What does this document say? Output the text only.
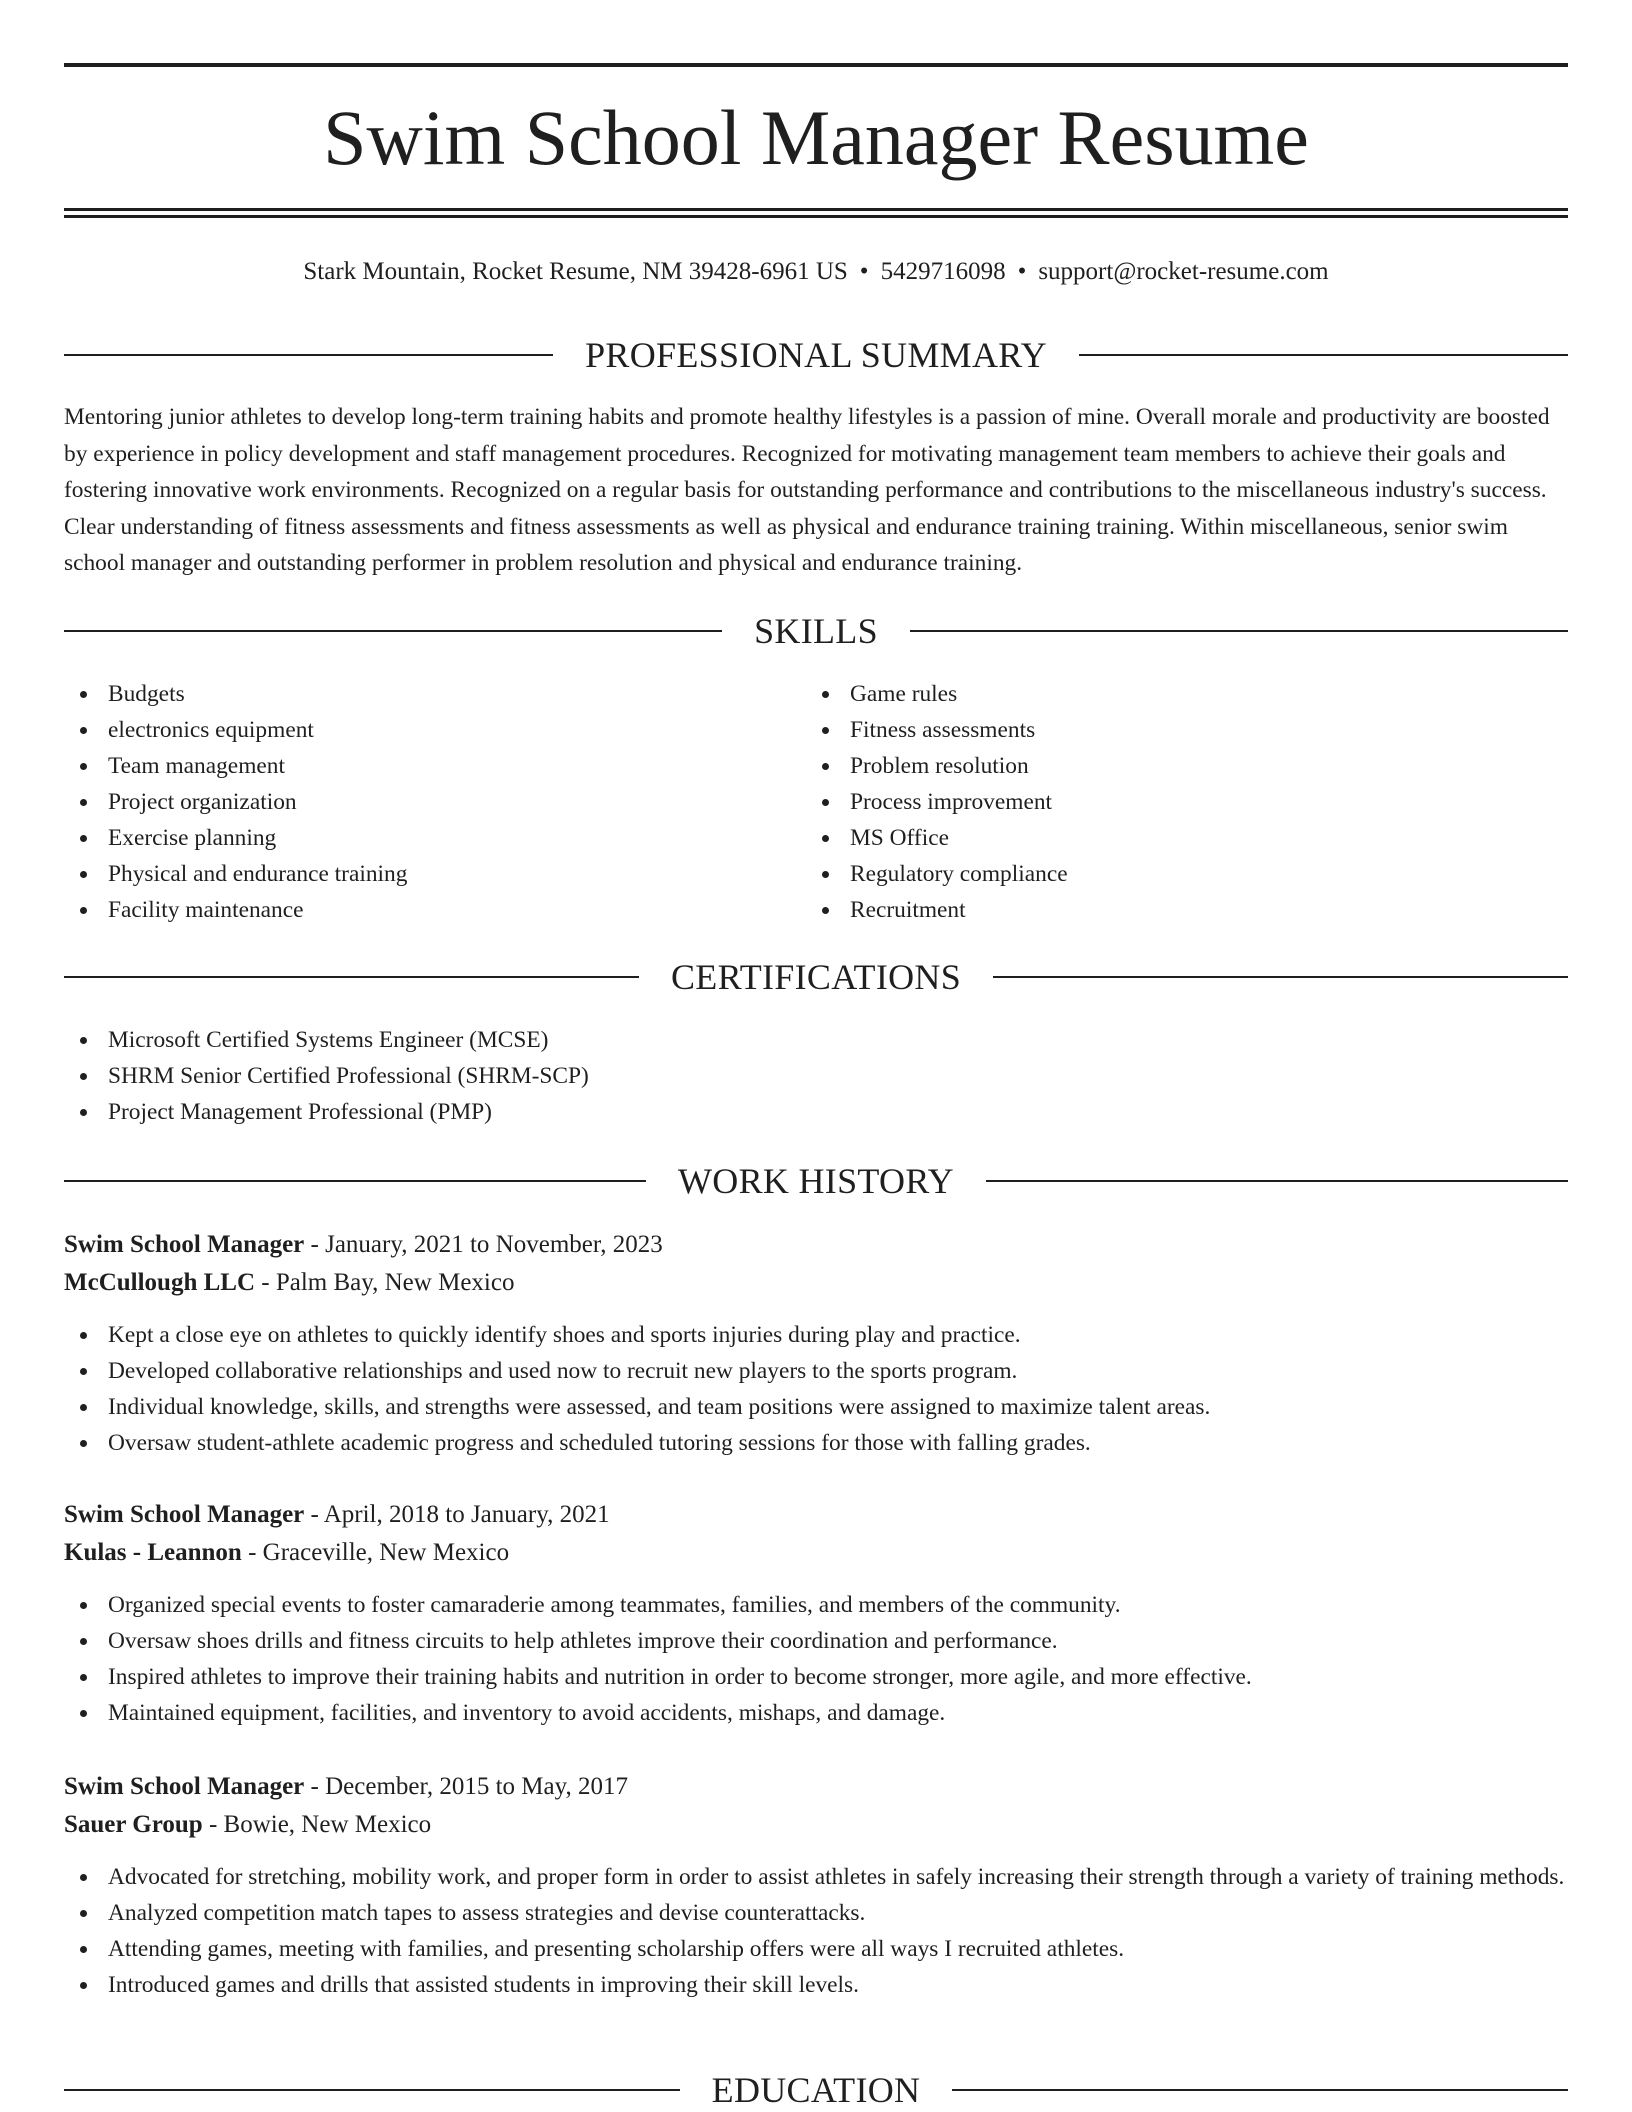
Swim School Manager Resume
Stark Mountain, Rocket Resume, NM 39428-6961 US • 5429716098 • support@rocket-resume.com
PROFESSIONAL SUMMARY

Mentoring junior athletes to develop long-term training habits and promote healthy lifestyles is a passion of mine. Overall morale and productivity are boosted by experience in policy development and staff management procedures. Recognized for motivating management team members to achieve their goals and fostering innovative work environments. Recognized on a regular basis for outstanding performance and contributions to the miscellaneous industry's success. Clear understanding of fitness assessments and fitness assessments as well as physical and endurance training training. Within miscellaneous, senior swim school manager and outstanding performer in problem resolution and physical and endurance training.

SKILLS
Budgets
electronics equipment
Team management
Project organization
Exercise planning
Physical and endurance training
Facility maintenance
Game rules
Fitness assessments
Problem resolution
Process improvement
MS Office
Regulatory compliance
Recruitment
CERTIFICATIONS
Microsoft Certified Systems Engineer (MCSE)
SHRM Senior Certified Professional (SHRM-SCP)
Project Management Professional (PMP)
WORK HISTORY
Swim School Manager - January, 2021 to November, 2023
McCullough LLC - Palm Bay, New Mexico
Kept a close eye on athletes to quickly identify shoes and sports injuries during play and practice.
Developed collaborative relationships and used now to recruit new players to the sports program.
Individual knowledge, skills, and strengths were assessed, and team positions were assigned to maximize talent areas.
Oversaw student-athlete academic progress and scheduled tutoring sessions for those with falling grades.
Swim School Manager - April, 2018 to January, 2021
Kulas - Leannon - Graceville, New Mexico
Organized special events to foster camaraderie among teammates, families, and members of the community.
Oversaw shoes drills and fitness circuits to help athletes improve their coordination and performance.
Inspired athletes to improve their training habits and nutrition in order to become stronger, more agile, and more effective.
Maintained equipment, facilities, and inventory to avoid accidents, mishaps, and damage.
Swim School Manager - December, 2015 to May, 2017
Sauer Group - Bowie, New Mexico
Advocated for stretching, mobility work, and proper form in order to assist athletes in safely increasing their strength through a variety of training methods.
Analyzed competition match tapes to assess strategies and devise counterattacks.
Attending games, meeting with families, and presenting scholarship offers were all ways I recruited athletes.
Introduced games and drills that assisted students in improving their skill levels.
EDUCATION
